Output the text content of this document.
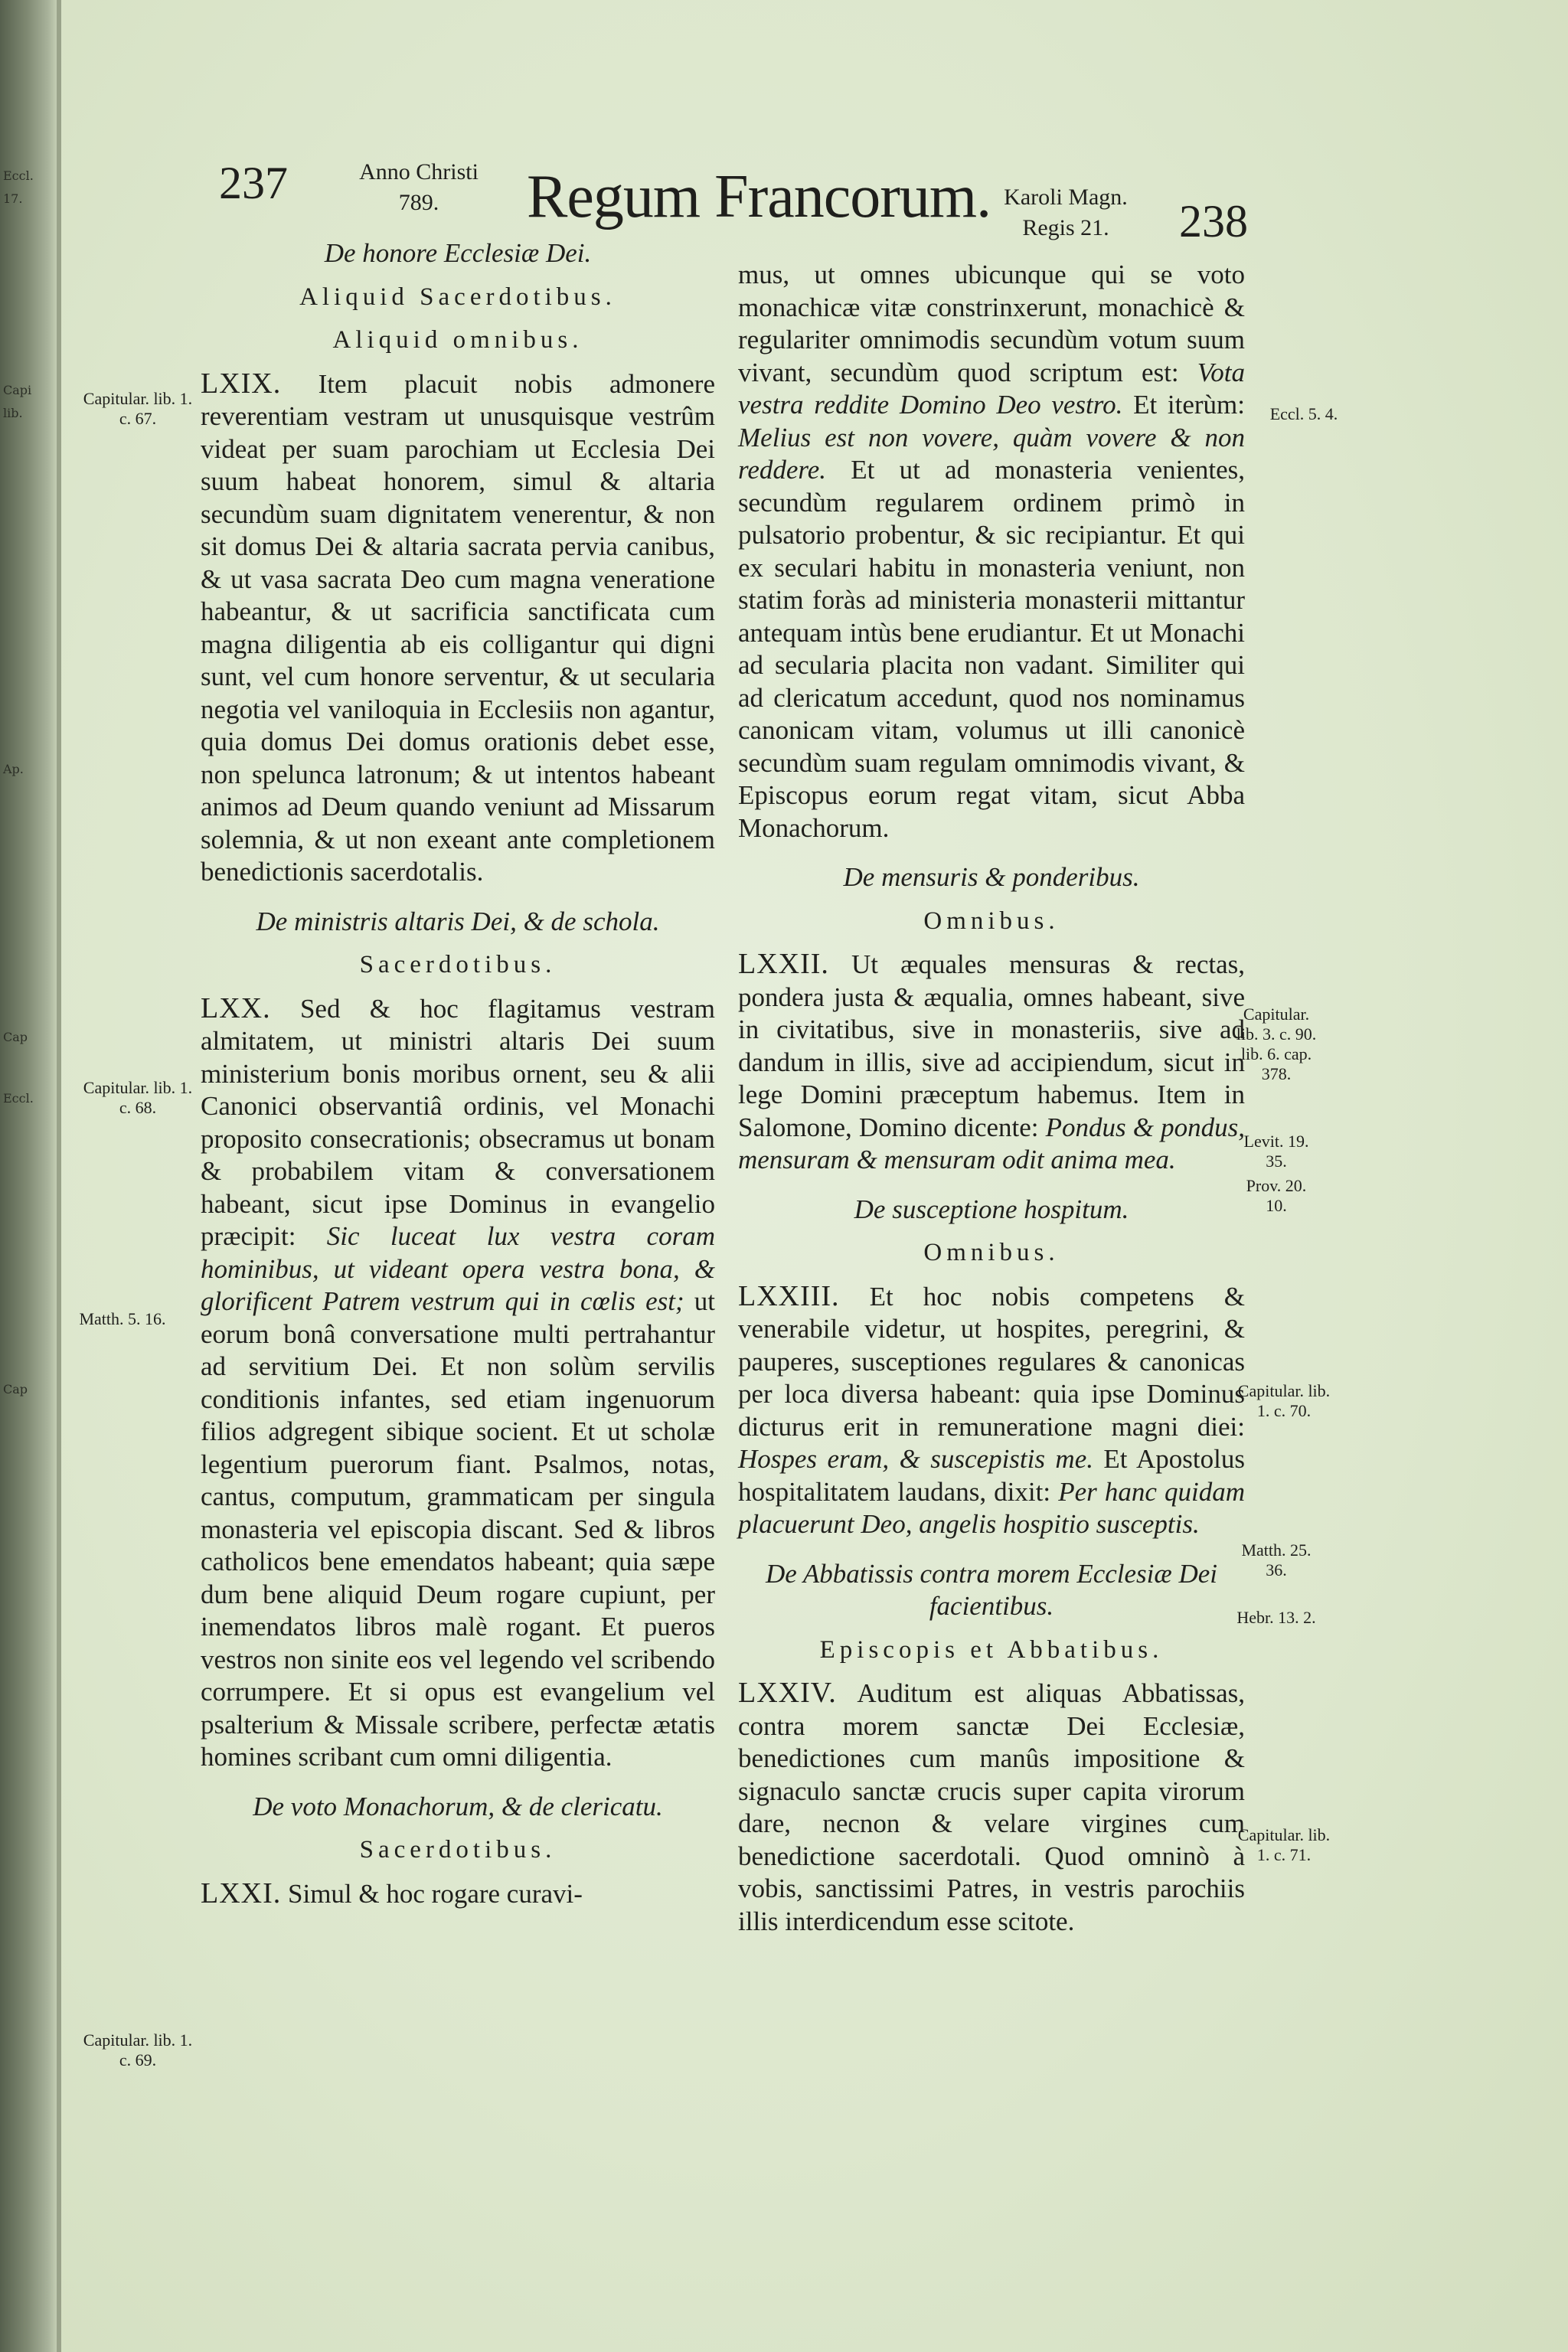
Eccl.
17.
Capi
lib.
Ap.
Cap
Eccl.
Cap
237	Anno Christi
789.	Regum Francorum. Karoli Magn.
Regis 21.	238

De honore Ecclesiæ Dei.

Aliquid Sacerdotibus.

Aliquid omnibus.

LXIX. Item placuit nobis admonere reverentiam vestram ut unusquisque vestrûm videat per suam parochiam ut Ecclesia Dei suum habeat honorem, simul & altaria secundùm suam dignitatem venerentur, & non sit domus Dei & altaria sacrata pervia canibus, & ut vasa sacrata Deo cum magna veneratione habeantur, & ut sacrificia sanctificata cum magna diligentia ab eis colligantur qui digni sunt, vel cum honore serventur, & ut secularia negotia vel vaniloquia in Ecclesiis non agantur, quia domus Dei domus orationis debet esse, non spelunca latronum; & ut intentos habeant animos ad Deum quando veniunt ad Missarum solemnia, & ut non exeant ante completionem benedictionis sacerdotalis.

De ministris altaris Dei, & de schola.

Sacerdotibus.

LXX. Sed & hoc flagitamus vestram almitatem, ut ministri altaris Dei suum ministerium bonis moribus ornent, seu & alii Canonici observantiâ ordinis, vel Monachi proposito consecrationis; obsecramus ut bonam & probabilem vitam & conversationem habeant, sicut ipse Dominus in evangelio præcipit: Sic luceat lux vestra coram hominibus, ut videant opera vestra bona, & glorificent Patrem vestrum qui in cœlis est; ut eorum bonâ conversatione multi pertrahantur ad servitium Dei. Et non solùm servilis conditionis infantes, sed etiam ingenuorum filios adgregent sibique socient. Et ut scholæ legentium puerorum fiant. Psalmos, notas, cantus, computum, grammaticam per singula monasteria vel episcopia discant. Sed & libros catholicos bene emendatos habeant; quia sæpe dum bene aliquid Deum rogare cupiunt, per inemendatos libros malè rogant. Et pueros vestros non sinite eos vel legendo vel scribendo corrumpere. Et si opus est evangelium vel psalterium & Missale scribere, perfectæ ætatis homines scribant cum omni diligentia.

De voto Monachorum, & de clericatu.

Sacerdotibus.

LXXI. Simul & hoc rogare curavi-

mus, ut omnes ubicunque qui se voto monachicæ vitæ constrinxerunt, monachicè & regulariter omnimodis secundùm votum suum vivant, secundùm quod scriptum est: Vota vestra reddite Domino Deo vestro. Et iterùm: Melius est non vovere, quàm vovere & non reddere. Et ut ad monasteria venientes, secundùm regularem ordinem primò in pulsatorio probentur, & sic recipiantur. Et qui ex seculari habitu in monasteria veniunt, non statim foràs ad ministeria monasterii mittantur antequam intùs bene erudiantur. Et ut Monachi ad secularia placita non vadant. Similiter qui ad clericatum accedunt, quod nos nominamus canonicam vitam, volumus ut illi canonicè secundùm suam regulam omnimodis vivant, & Episcopus eorum regat vitam, sicut Abba Monachorum.

De mensuris & ponderibus.

Omnibus.

LXXII. Ut æquales mensuras & rectas, pondera justa & æqualia, omnes habeant, sive in civitatibus, sive in monasteriis, sive ad dandum in illis, sive ad accipiendum, sicut in lege Domini præceptum habemus. Item in Salomone, Domino dicente: Pondus & pondus, mensuram & mensuram odit anima mea.

De susceptione hospitum.

Omnibus.

LXXIII. Et hoc nobis competens & venerabile videtur, ut hospites, peregrini, & pauperes, susceptiones regulares & canonicas per loca diversa habeant: quia ipse Dominus dicturus erit in remuneratione magni diei: Hospes eram, & suscepistis me. Et Apostolus hospitalitatem laudans, dixit: Per hanc quidam placuerunt Deo, angelis hospitio susceptis.

De Abbatissis contra morem Ecclesiæ Dei facientibus.

Episcopis et Abbatibus.

LXXIV. Auditum est aliquas Abbatissas, contra morem sanctæ Dei Ecclesiæ, benedictiones cum manûs impositione & signaculo sanctæ crucis super capita virorum dare, necnon & velare virgines cum benedictione sacerdotali. Quod omninò à vobis, sanctissimi Patres, in vestris parochiis illis interdicendum esse scitote.

Capitular. lib. 1. c. 67.
Capitular. lib. 1. c. 68.
Matth. 5. 16.
Capitular. lib. 1. c. 69.
Eccl. 5. 4.
Capitular. lib. 3. c. 90. lib. 6. cap. 378.
Levit. 19. 35.
Prov. 20. 10.
Capitular. lib. 1. c. 70.
Matth. 25. 36.
Hebr. 13. 2.
Capitular. lib. 1. c. 71.
